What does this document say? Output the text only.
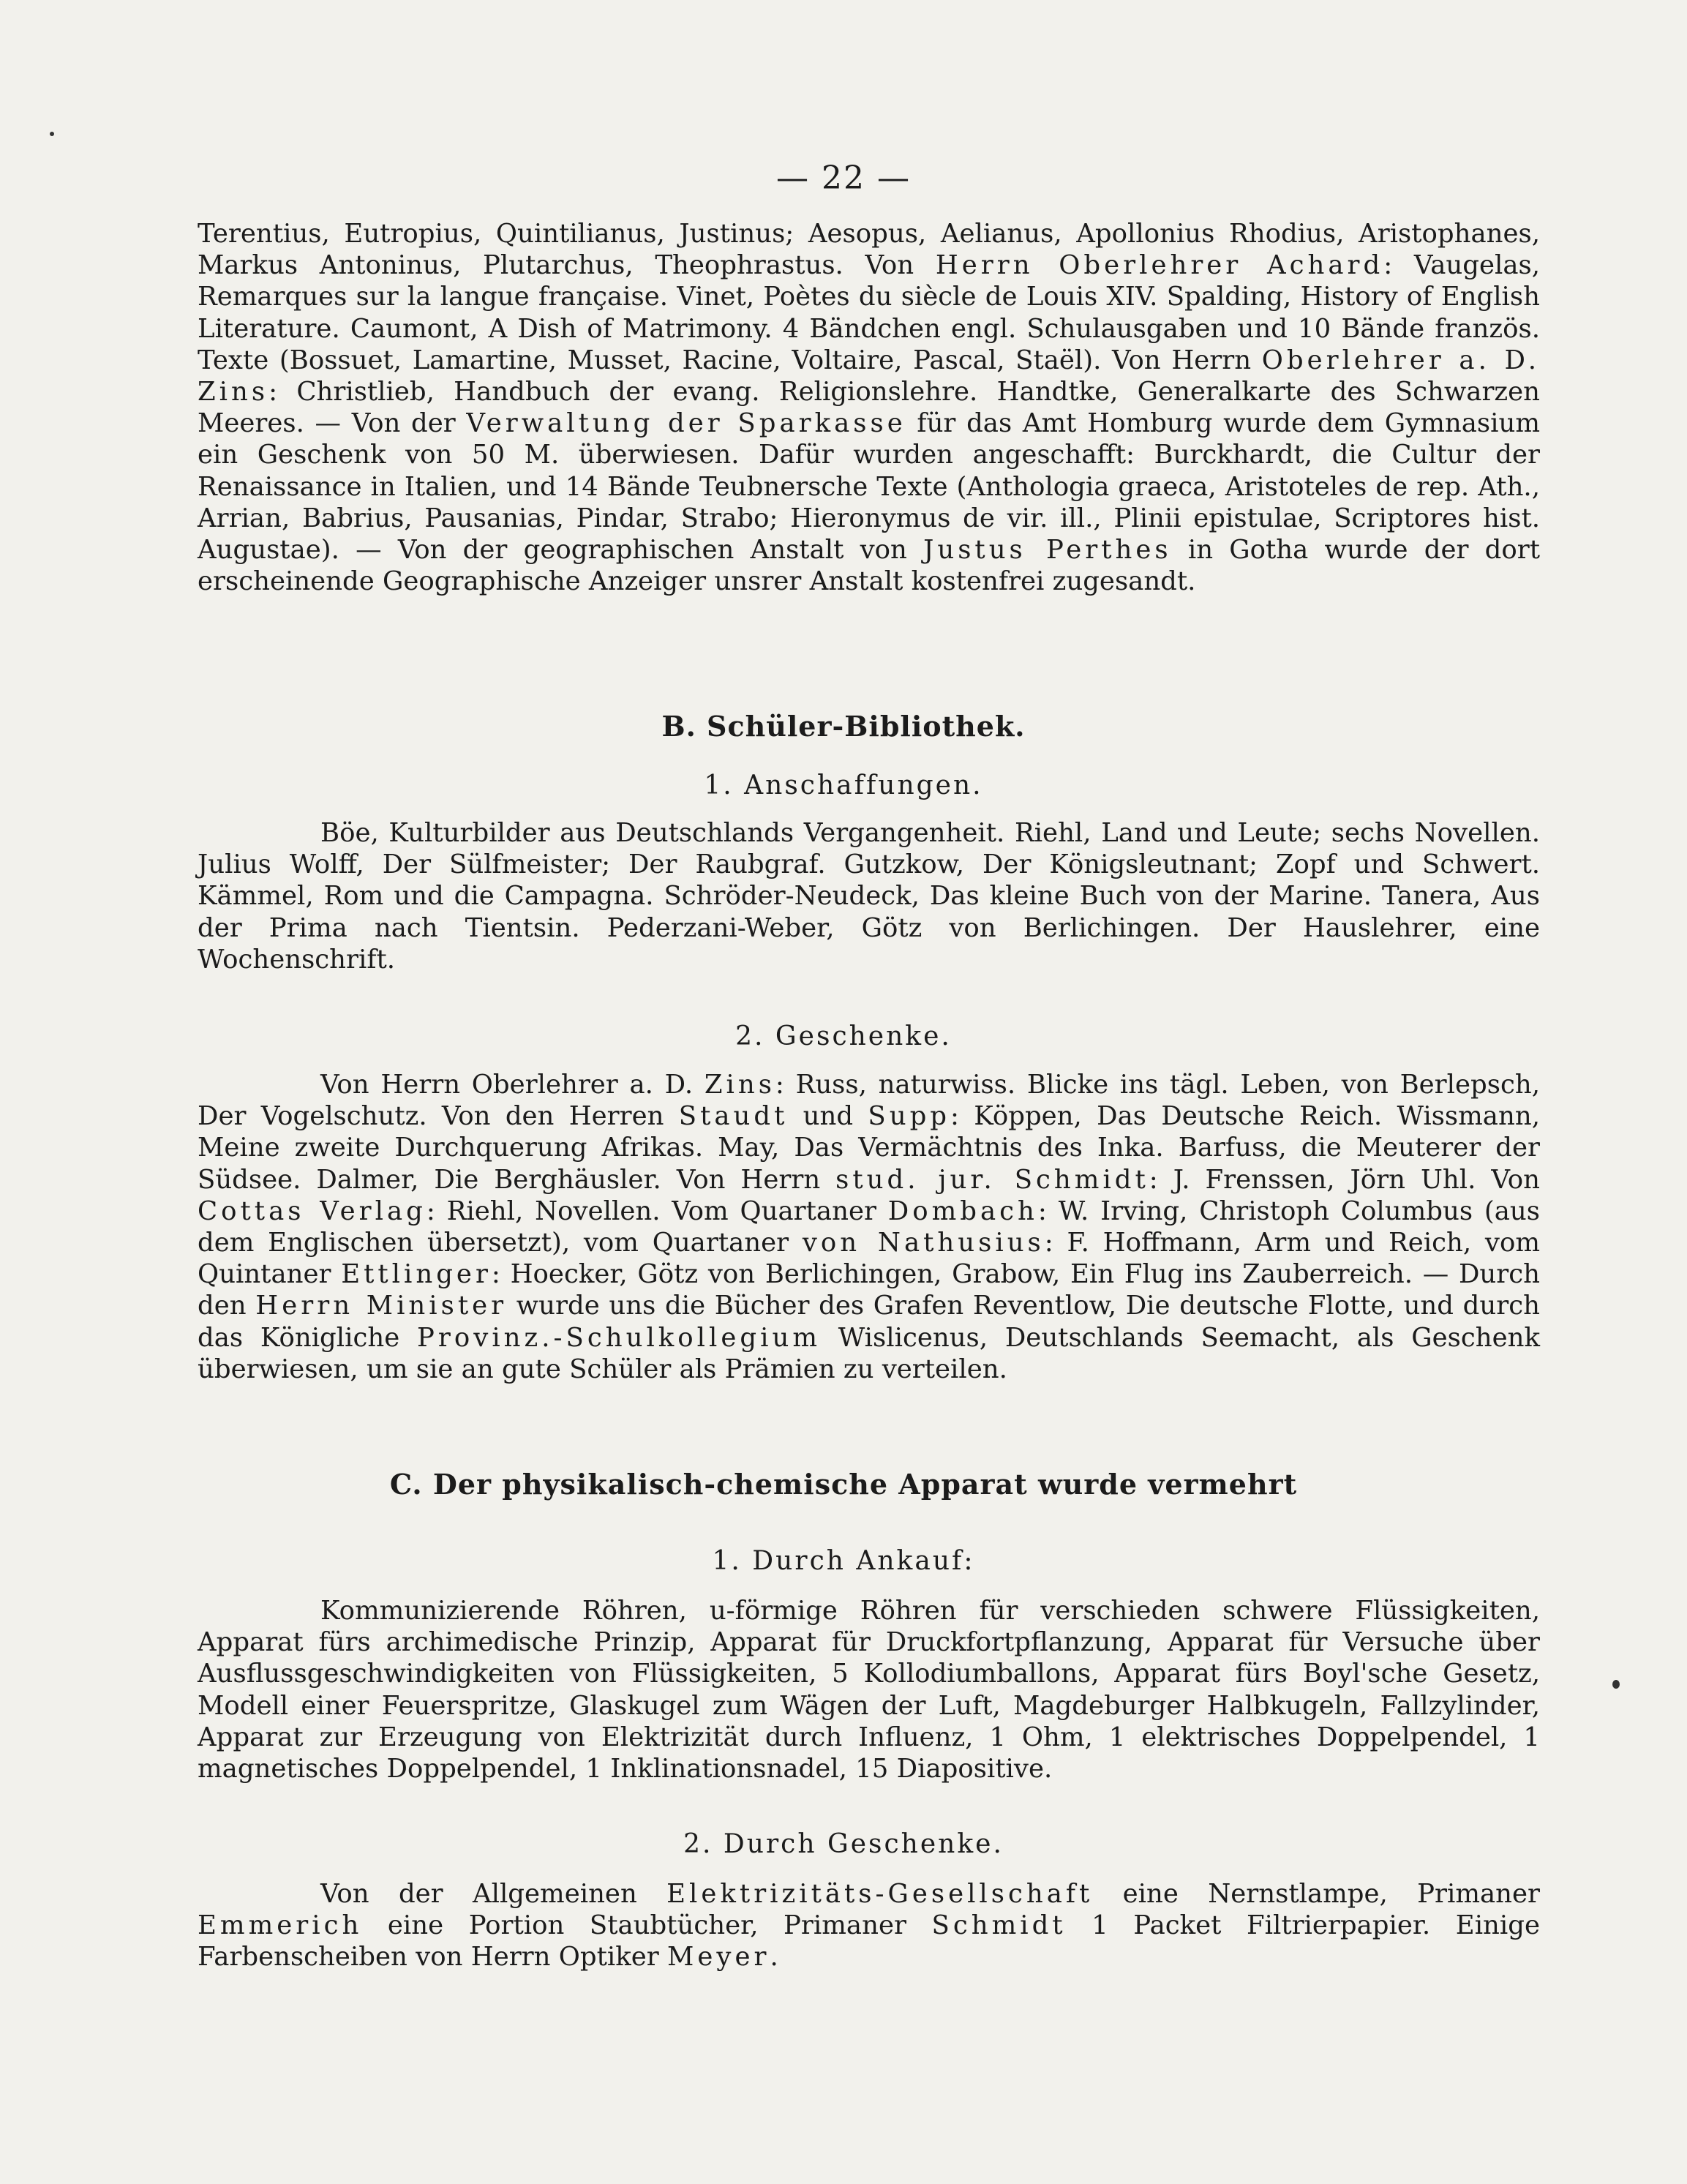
— 22 —

Terentius, Eutropius, Quintilianus, Justinus; Aesopus, Aelianus, Apollonius Rhodius, Aristophanes, Markus Antoninus, Plutarchus, Theophrastus. Von Herrn Oberlehrer Achard: Vaugelas, Remarques sur la langue française. Vinet, Poètes du siècle de Louis XIV. Spalding, History of English Literature. Caumont, A Dish of Matrimony. 4 Bändchen engl. Schulausgaben und 10 Bände französ. Texte (Bossuet, Lamartine, Musset, Racine, Voltaire, Pascal, Staël). Von Herrn Oberlehrer a. D. Zins: Christlieb, Handbuch der evang. Religionslehre. Handtke, Generalkarte des Schwarzen Meeres. — Von der Verwaltung der Sparkasse für das Amt Homburg wurde dem Gymnasium ein Geschenk von 50 M. überwiesen. Dafür wurden angeschafft: Burckhardt, die Cultur der Renaissance in Italien, und 14 Bände Teubnersche Texte (Anthologia graeca, Aristoteles de rep. Ath., Arrian, Babrius, Pausanias, Pindar, Strabo; Hieronymus de vir. ill., Plinii epistulae, Scriptores hist. Augustae). — Von der geographischen Anstalt von Justus Perthes in Gotha wurde der dort erscheinende Geographische Anzeiger unsrer Anstalt kostenfrei zugesandt.

B. Schüler-Bibliothek.
1. Anschaffungen.

Böe, Kulturbilder aus Deutschlands Vergangenheit. Riehl, Land und Leute; sechs Novellen. Julius Wolff, Der Sülfmeister; Der Raubgraf. Gutzkow, Der Königsleutnant; Zopf und Schwert. Kämmel, Rom und die Campagna. Schröder-Neudeck, Das kleine Buch von der Marine. Tanera, Aus der Prima nach Tientsin. Pederzani-Weber, Götz von Berlichingen. Der Hauslehrer, eine Wochenschrift.

2. Geschenke.

Von Herrn Oberlehrer a. D. Zins: Russ, naturwiss. Blicke ins tägl. Leben, von Berlepsch, Der Vogelschutz. Von den Herren Staudt und Supp: Köppen, Das Deutsche Reich. Wissmann, Meine zweite Durchquerung Afrikas. May, Das Vermächtnis des Inka. Barfuss, die Meuterer der Südsee. Dalmer, Die Berghäusler. Von Herrn stud. jur. Schmidt: J. Frenssen, Jörn Uhl. Von Cottas Verlag: Riehl, Novellen. Vom Quartaner Dombach: W. Irving, Christoph Columbus (aus dem Englischen übersetzt), vom Quartaner von Nathusius: F. Hoffmann, Arm und Reich, vom Quintaner Ettlinger: Hoecker, Götz von Berlichingen, Grabow, Ein Flug ins Zauberreich. — Durch den Herrn Minister wurde uns die Bücher des Grafen Reventlow, Die deutsche Flotte, und durch das Königliche Provinz.-Schulkollegium Wislicenus, Deutschlands Seemacht, als Geschenk überwiesen, um sie an gute Schüler als Prämien zu verteilen.

C. Der physikalisch-chemische Apparat wurde vermehrt
1. Durch Ankauf:

Kommunizierende Röhren, u-förmige Röhren für verschieden schwere Flüssigkeiten, Apparat fürs archimedische Prinzip, Apparat für Druckfortpflanzung, Apparat für Versuche über Ausflussgeschwindigkeiten von Flüssigkeiten, 5 Kollodiumballons, Apparat fürs Boyl'sche Gesetz, Modell einer Feuerspritze, Glaskugel zum Wägen der Luft, Magdeburger Halbkugeln, Fallzylinder, Apparat zur Erzeugung von Elektrizität durch Influenz, 1 Ohm, 1 elektrisches Doppelpendel, 1 magnetisches Doppelpendel, 1 Inklinationsnadel, 15 Diapositive.

2. Durch Geschenke.

Von der Allgemeinen Elektrizitäts-Gesellschaft eine Nernstlampe, Primaner Emmerich eine Portion Staubtücher, Primaner Schmidt 1 Packet Filtrierpapier. Einige Farbenscheiben von Herrn Optiker Meyer.
